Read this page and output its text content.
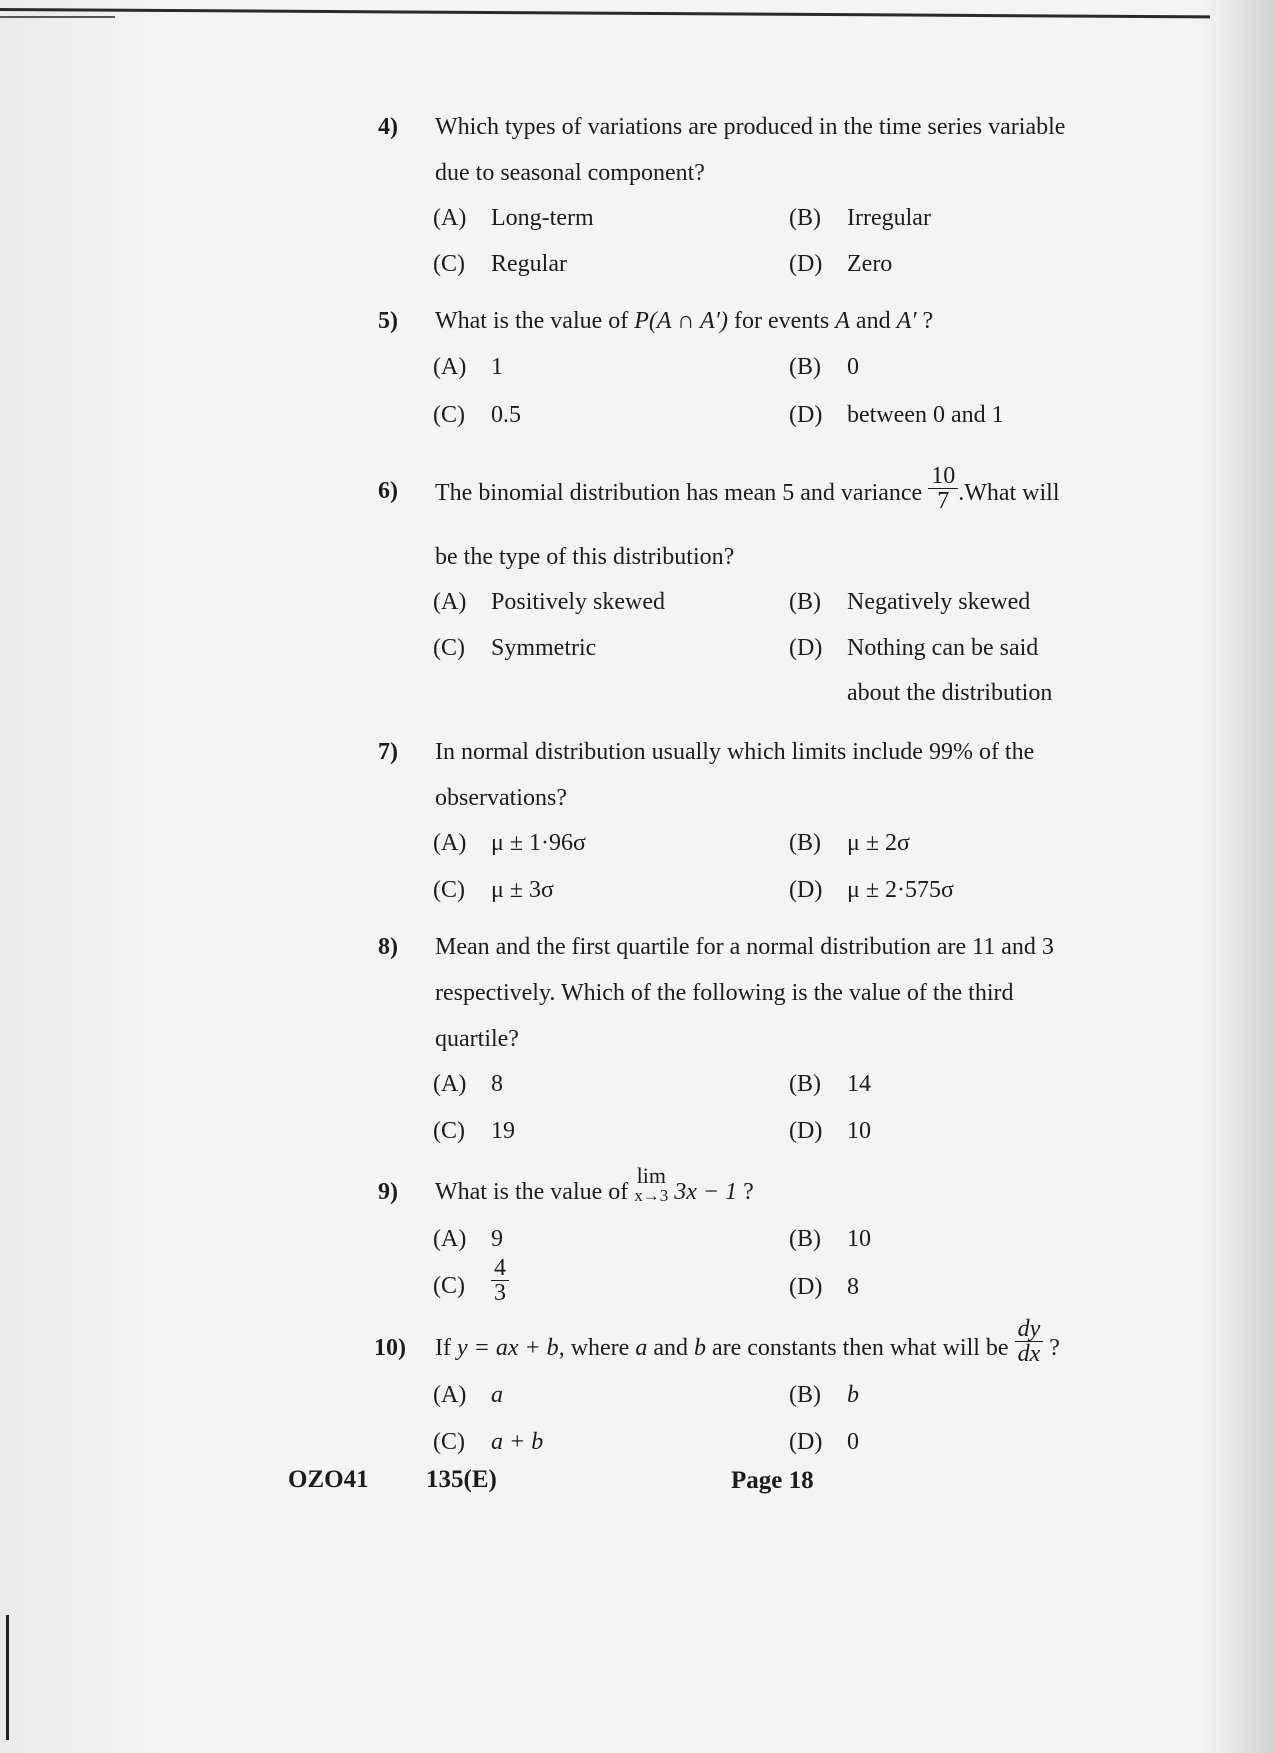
4) Which types of variations are produced in the time series variable
due to seasonal component?
(A) Long-term	(B) Irregular
(C) Regular	(D) Zero
5) What is the value of P(A ∩ A′) for events A and A′ ?
(A) 1	(B) 0
(C) 0.5	(D) between 0 and 1
6) The binomial distribution has mean 5 and variance $\frac{10}{7}$ .What will
be the type of this distribution?
(A) Positively skewed	(B) Negatively skewed
(C) Symmetric	(D) Nothing can be said
about the distribution
7) In normal distribution usually which limits include 99% of the
observations?
(A) μ ± 1·96σ	(B) μ ± 2σ
(C) μ ± 3σ	(D) μ ± 2·575σ
8) Mean and the first quartile for a normal distribution are 11 and 3
respectively. Which of the following is the value of the third
quartile?
(A) 8	(B) 14
(C) 19	(D) 10
9) What is the value of
lim
x→3 3x − 1 ?
(A) 9	(B) 10
$(C) \frac{4}{3}$	(D) 8
10) If y = ax + b, where a and b are constants then what will be $\frac{dy}{dx}$ ?
(A) a	(B) b
(C) a + b	(D) 0
OZO41 135(E)	Page 18
